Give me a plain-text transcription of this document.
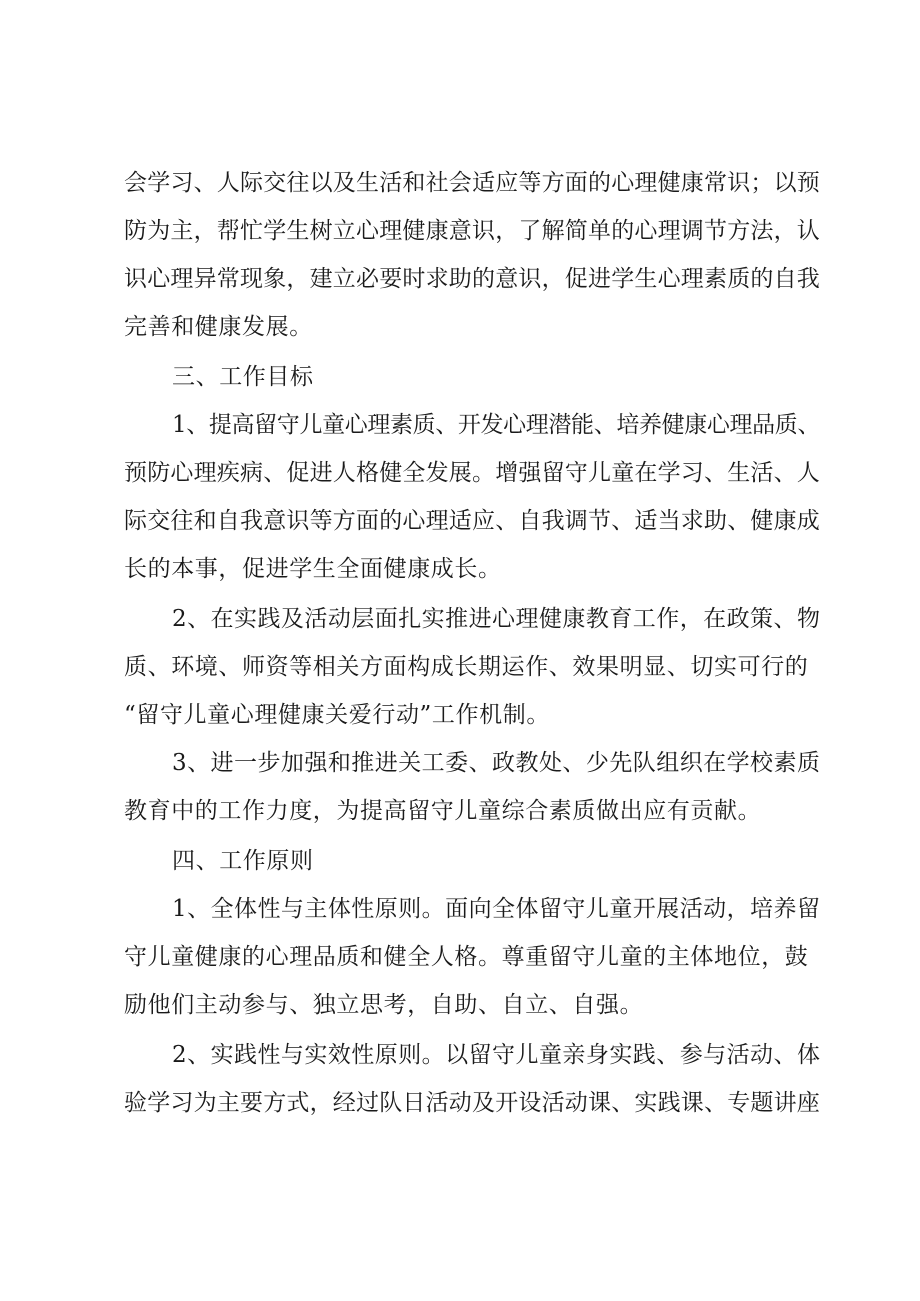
会学习、人际交往以及生活和社会适应等方面的心理健康常识；以预
防为主，帮忙学生树立心理健康意识，了解简单的心理调节方法，认
识心理异常现象，建立必要时求助的意识，促进学生心理素质的自我
完善和健康发展。
三、工作目标
1、提高留守儿童心理素质、开发心理潜能、培养健康心理品质、
预防心理疾病、促进人格健全发展。增强留守儿童在学习、生活、人
际交往和自我意识等方面的心理适应、自我调节、适当求助、健康成
长的本事，促进学生全面健康成长。
2、在实践及活动层面扎实推进心理健康教育工作，在政策、物
质、环境、师资等相关方面构成长期运作、效果明显、切实可行的
“留守儿童心理健康关爱行动”工作机制。
3、进一步加强和推进关工委、政教处、少先队组织在学校素质
教育中的工作力度，为提高留守儿童综合素质做出应有贡献。
四、工作原则
1、全体性与主体性原则。面向全体留守儿童开展活动，培养留
守儿童健康的心理品质和健全人格。尊重留守儿童的主体地位，鼓
励他们主动参与、独立思考，自助、自立、自强。
2、实践性与实效性原则。以留守儿童亲身实践、参与活动、体
验学习为主要方式，经过队日活动及开设活动课、实践课、专题讲座
